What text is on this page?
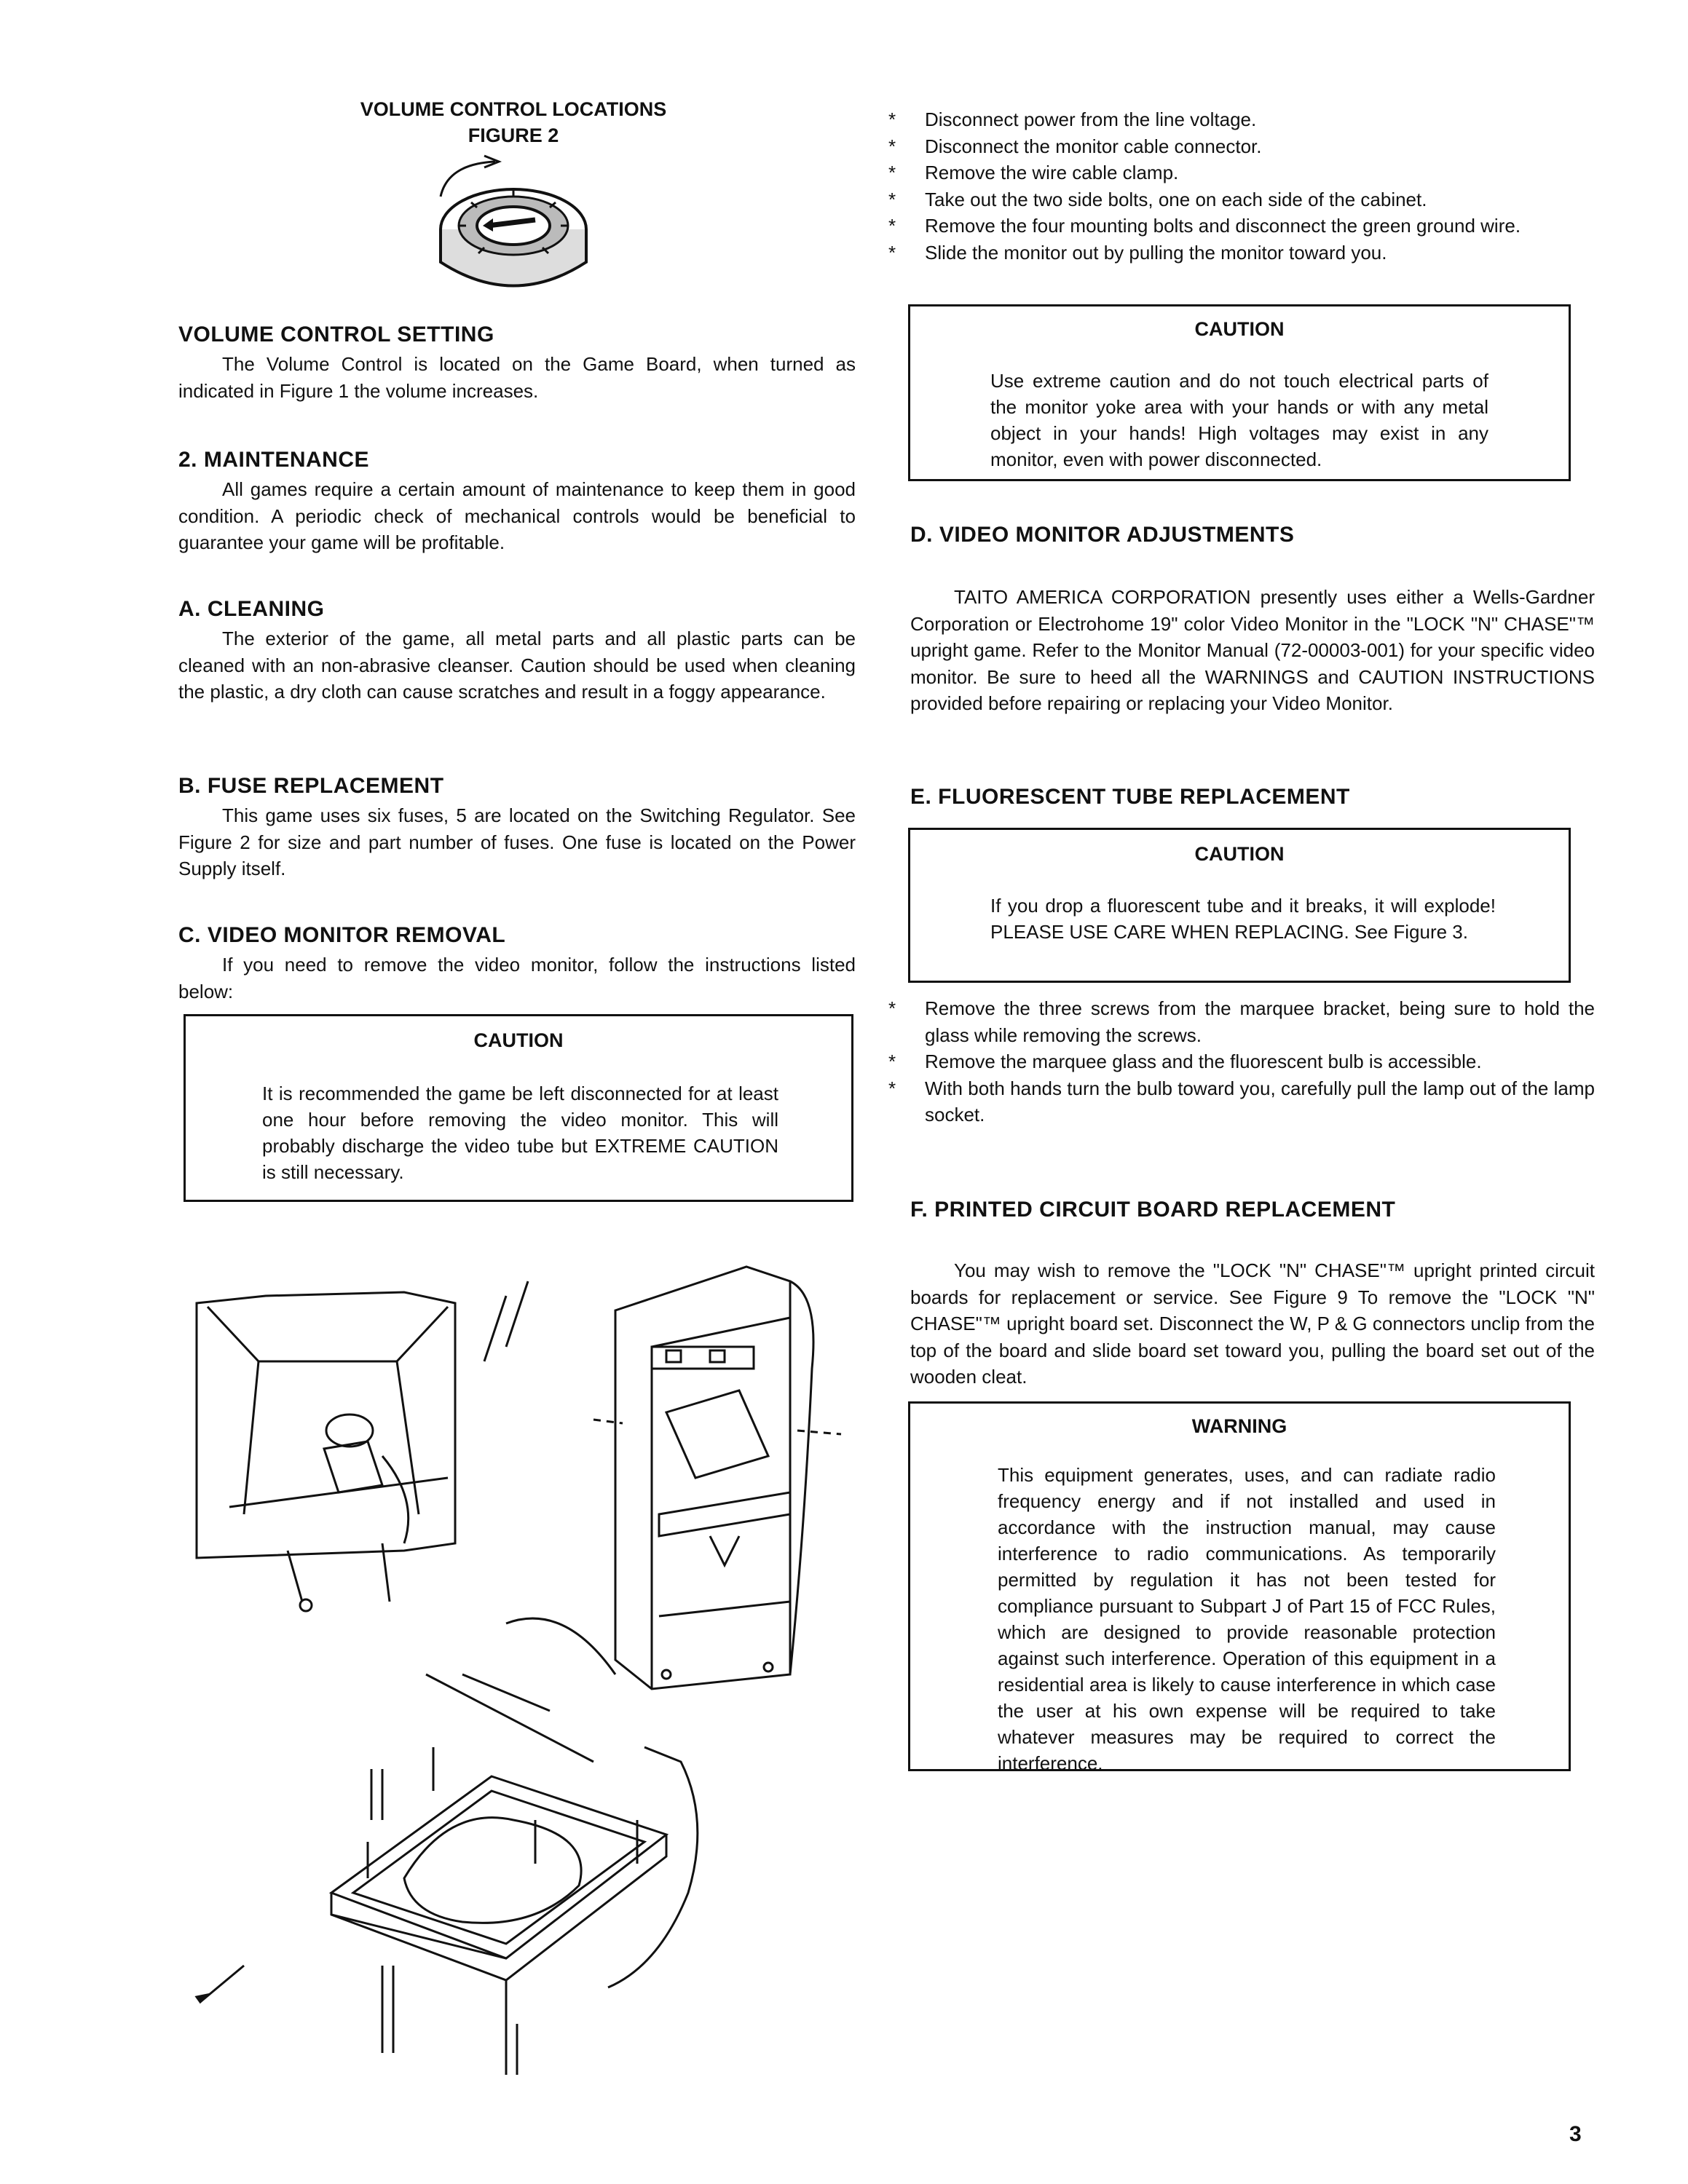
VOLUME CONTROL LOCATIONS
FIGURE 2
VOLUME CONTROL SETTING

The Volume Control is located on the Game Board, when turned as indicated in Figure 1 the volume increases.

2. MAINTENANCE

All games require a certain amount of maintenance to keep them in good condition. A periodic check of mechanical controls would be beneficial to guarantee your game will be profitable.

A. CLEANING

The exterior of the game, all metal parts and all plastic parts can be cleaned with an non-abrasive cleanser. Caution should be used when cleaning the plastic, a dry cloth can cause scratches and result in a foggy appearance.

B. FUSE REPLACEMENT

This game uses six fuses, 5 are located on the Switching Regulator. See Figure 2 for size and part number of fuses. One fuse is located on the Power Supply itself.

C. VIDEO MONITOR REMOVAL

If you need to remove the video monitor, follow the instructions listed below:

CAUTION
It is recommended the game be left disconnected for at least one hour before removing the video monitor. This will probably discharge the video tube but EXTREME CAUTION is still necessary.
* Disconnect power from the line voltage.
* Disconnect the monitor cable connector.
* Remove the wire cable clamp.
* Take out the two side bolts, one on each side of the cabinet.
* Remove the four mounting bolts and disconnect the green ground wire.
* Slide the monitor out by pulling the monitor toward you.
CAUTION
Use extreme caution and do not touch electrical parts of the monitor yoke area with your hands or with any metal object in your hands! High voltages may exist in any monitor, even with power disconnected.
D. VIDEO MONITOR ADJUSTMENTS

TAITO AMERICA CORPORATION presently uses either a Wells-Gardner Corporation or Electrohome 19" color Video Monitor in the "LOCK "N" CHASE"™ upright game. Refer to the Monitor Manual (72-00003-001) for your specific video monitor. Be sure to heed all the WARNINGS and CAUTION INSTRUCTIONS provided before repairing or replacing your Video Monitor.

E. FLUORESCENT TUBE REPLACEMENT
CAUTION
If you drop a fluorescent tube and it breaks, it will explode! PLEASE USE CARE WHEN REPLACING. See Figure 3.
* Remove the three screws from the marquee bracket, being sure to hold the glass while removing the screws.
* Remove the marquee glass and the fluorescent bulb is accessible.
* With both hands turn the bulb toward you, carefully pull the lamp out of the lamp socket.
F. PRINTED CIRCUIT BOARD REPLACEMENT

You may wish to remove the "LOCK "N" CHASE"™ upright printed circuit boards for replacement or service. See Figure 9 To remove the "LOCK "N" CHASE"™ upright board set. Disconnect the W, P & G connectors unclip from the top of the board and slide board set toward you, pulling the board set out of the wooden cleat.

WARNING
This equipment generates, uses, and can radiate radio frequency energy and if not installed and used in accordance with the instruction manual, may cause interference to radio communications. As temporarily permitted by regulation it has not been tested for compliance pursuant to Subpart J of Part 15 of FCC Rules, which are designed to provide reasonable protection against such interference. Operation of this equipment in a residential area is likely to cause interference in which case the user at his own expense will be required to take whatever measures may be required to correct the interference.
3
